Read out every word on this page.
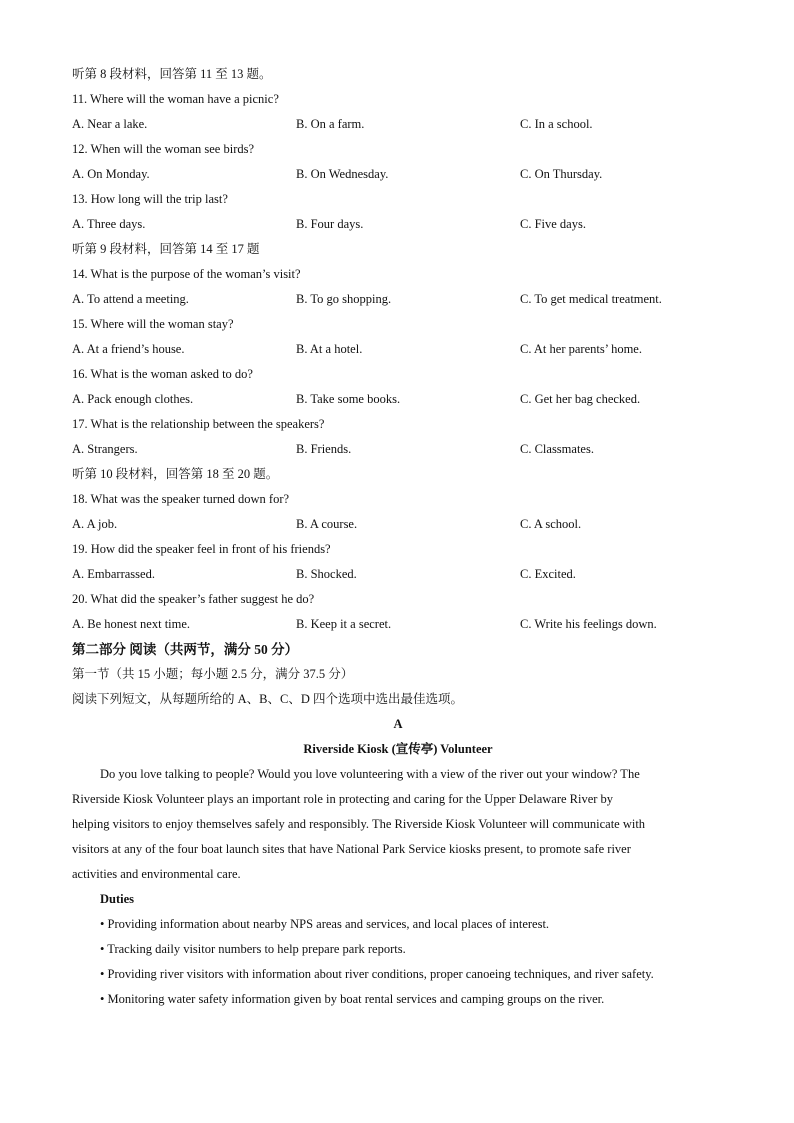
听第 8 段材料，回答第 11 至 13 题。
11. Where will the woman have a picnic?
A. Near a lake.	B. On a farm.	C. In a school.
12. When will the woman see birds?
A. On Monday.	B. On Wednesday.	C. On Thursday.
13. How long will the trip last?
A. Three days.	B. Four days.	C. Five days.
听第 9 段材料，回答第 14 至 17 题
14. What is the purpose of the woman’s visit?
A. To attend a meeting.	B. To go shopping.	C. To get medical treatment.
15. Where will the woman stay?
A. At a friend’s house.	B. At a hotel.	C. At her parents’ home.
16. What is the woman asked to do?
A. Pack enough clothes.	B. Take some books.	C. Get her bag checked.
17. What is the relationship between the speakers?
A. Strangers.	B. Friends.	C. Classmates.
听第 10 段材料，回答第 18 至 20 题。
18. What was the speaker turned down for?
A. A job.	B. A course.	C. A school.
19. How did the speaker feel in front of his friends?
A. Embarrassed.	B. Shocked.	C. Excited.
20. What did the speaker’s father suggest he do?
A. Be honest next time.	B. Keep it a secret.	C. Write his feelings down.
第二部分 阅读（共两节，满分 50 分）
第一节（共 15 小题；每小题 2.5 分，满分 37.5 分）
阅读下列短文，从每题所给的 A、B、C、D 四个选项中选出最佳选项。
A
Riverside Kiosk (宣传亭) Volunteer

Do you love talking to people? Would you love volunteering with a view of the river out your window? The
Riverside Kiosk Volunteer plays an important role in protecting and caring for the Upper Delaware River by
helping visitors to enjoy themselves safely and responsibly. The Riverside Kiosk Volunteer will communicate with
visitors at any of the four boat launch sites that have National Park Service kiosks present, to promote safe river
activities and environmental care.

Duties
• Providing information about nearby NPS areas and services, and local places of interest.
• Tracking daily visitor numbers to help prepare park reports.
• Providing river visitors with information about river conditions, proper canoeing techniques, and river safety.
• Monitoring water safety information given by boat rental services and camping groups on the river.
